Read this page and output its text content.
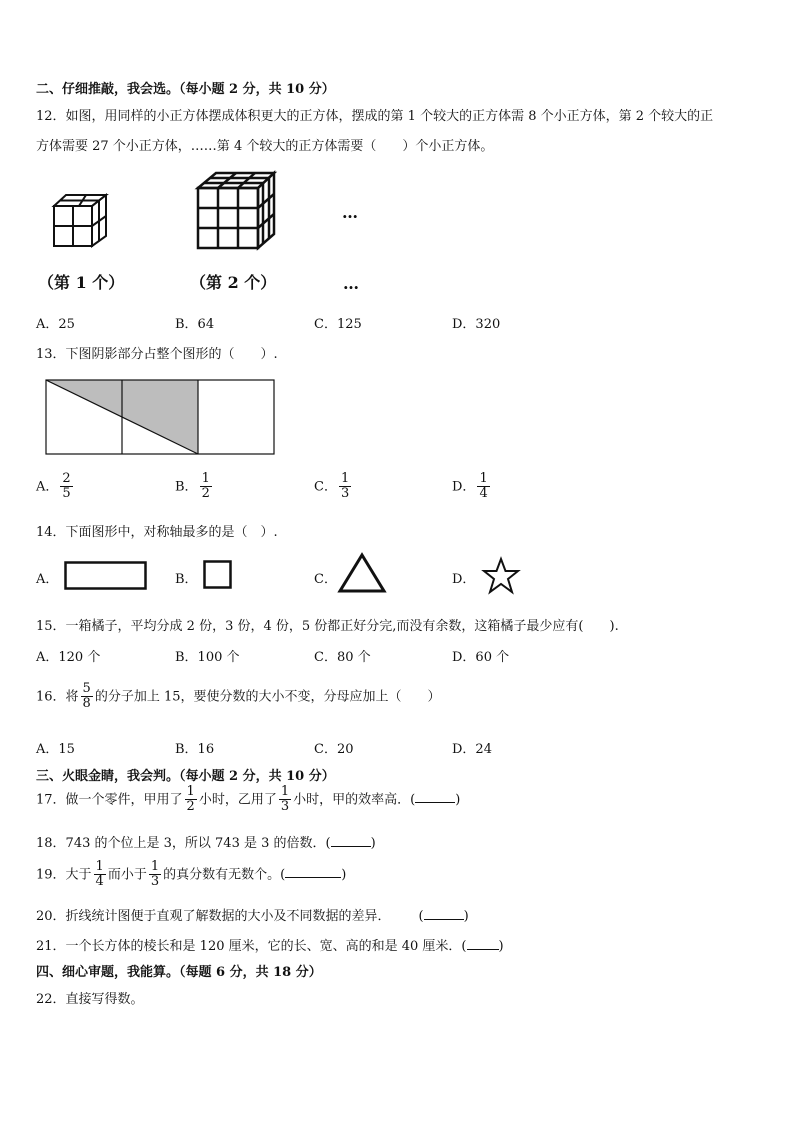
二、仔细推敲，我会选。（每小题 2 分，共 10 分）
12．如图，用同样的小正方体摆成体积更大的正方体，摆成的第 1 个较大的正方体需 8 个小正方体，第 2 个较大的正
方体需要 27 个小正方体，……第 4 个较大的正方体需要（　　）个小正方体。
…
（第 1 个）	（第 2 个）	…
A．25	B．64	C．125	D．320
13．下图阴影部分占整个图形的（　　）.
A． $\frac{2}{5}$	B． $\frac{1}{2}$	C． $\frac{1}{3}$	D． $\frac{1}{4}$
14．下面图形中，对称轴最多的是（　）.
A．	B．	C．	D．
15．一箱橘子，平均分成 2 份，3 份，4 份，5 份都正好分完,而没有余数，这箱橘子最少应有(　　).
A．120 个	B．100 个	C．80 个	D．60 个
16．将 $\frac{5}{8}$ 的分子加上 15，要使分数的大小不变，分母应加上（　　）
A．15	B．16	C．20	D．24
三、火眼金睛，我会判。（每小题 2 分，共 10 分）
17．做一个零件，甲用了 $\frac{1}{2}$ 小时，乙用了 $\frac{1}{3}$ 小时，甲的效率高．(	)
18．743 的个位上是 3，所以 743 是 3 的倍数．(	)
19．大于 $\frac{1}{4}$ 而小于 $\frac{1}{3}$ 的真分数有无数个。(	)
20．折线统计图便于直观了解数据的大小及不同数据的差异． (	)
21．一个长方体的棱长和是 120 厘米，它的长、宽、高的和是 40 厘米．( )
四、细心审题，我能算。（每题 6 分，共 18 分）
22．直接写得数。
